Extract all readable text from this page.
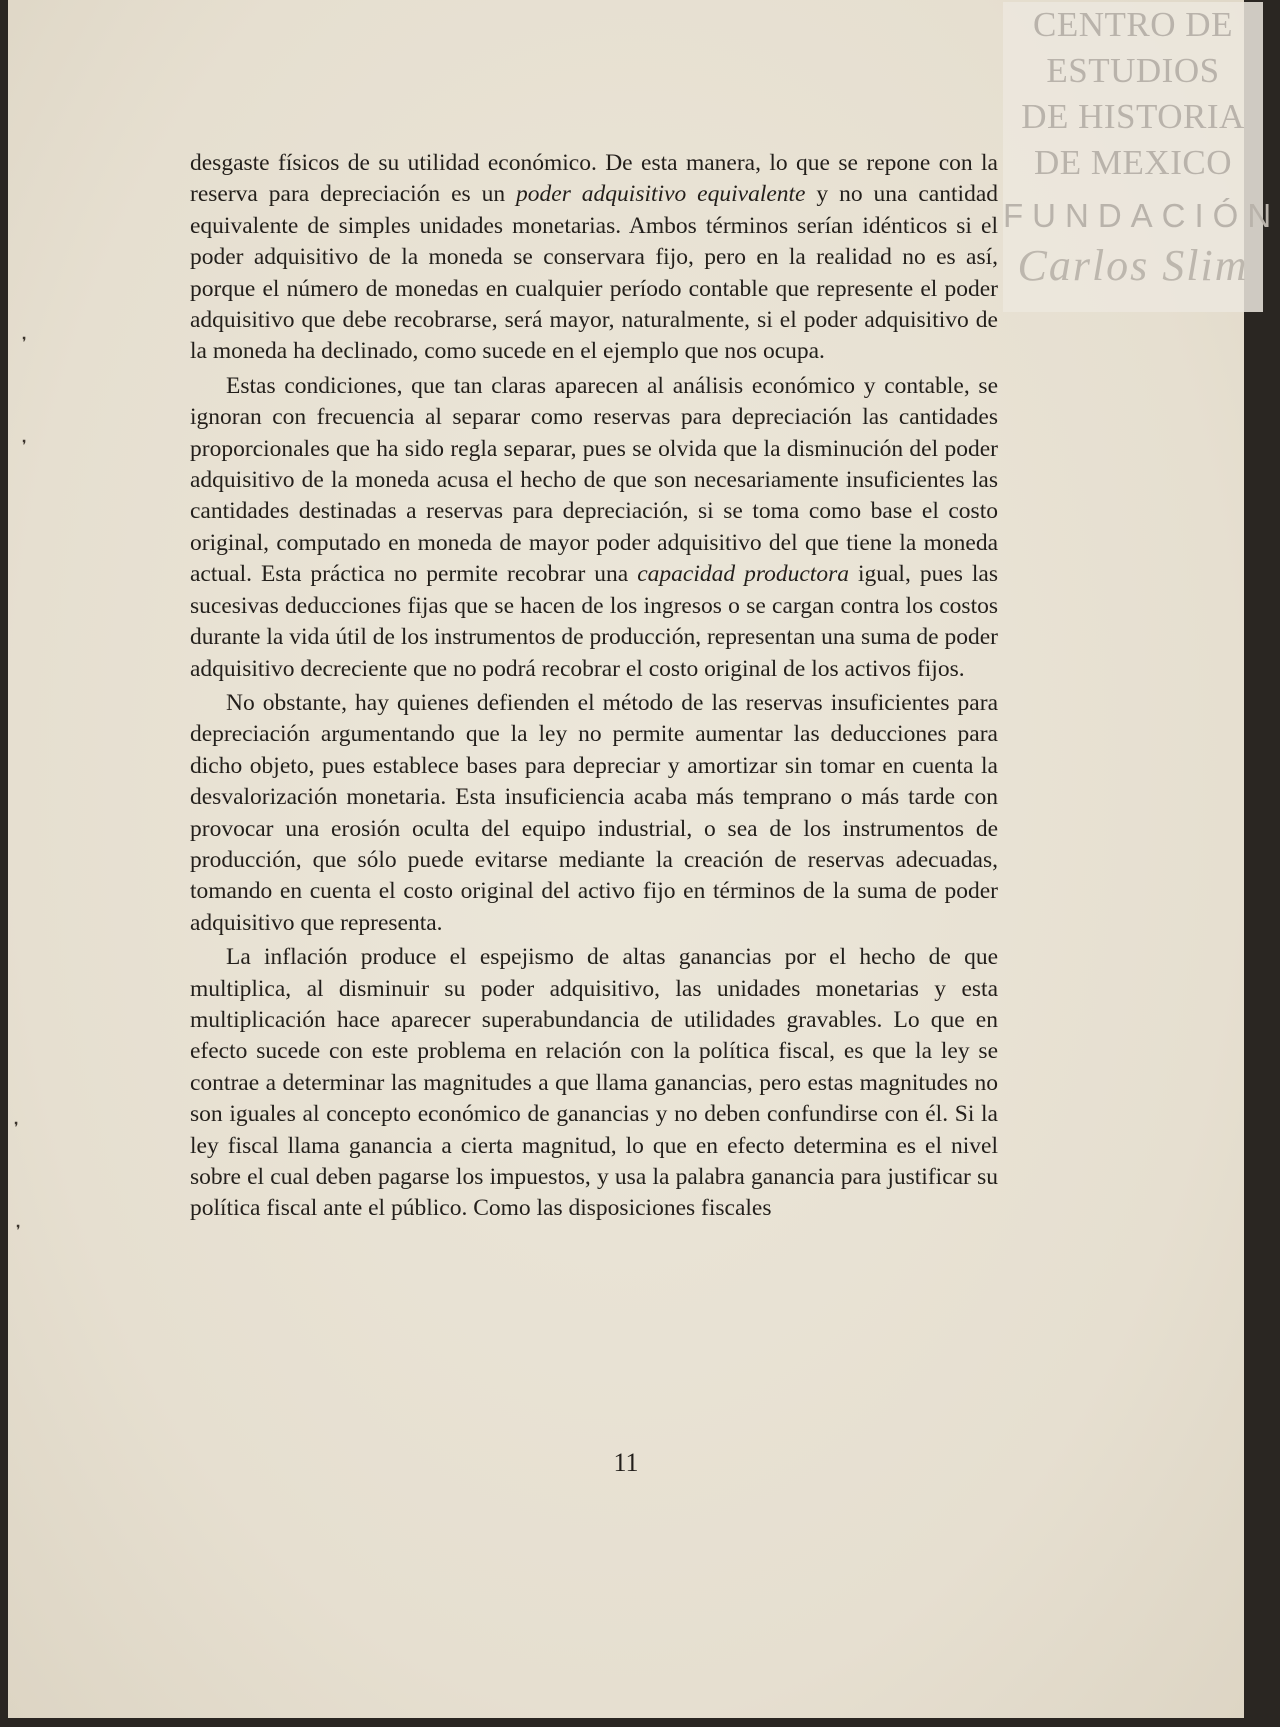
CENTRO DE
ESTUDIOS
DE HISTORIA
DE MEXICO
FUNDACIÓN
Carlos Slim
❜
❜
❜
❜

desgaste físicos de su utilidad económico. De esta manera, lo que se repone con la reserva para depreciación es un poder adquisitivo equivalente y no una cantidad equivalente de simples unidades monetarias. Ambos términos serían idénticos si el poder adquisitivo de la moneda se conservara fijo, pero en la realidad no es así, porque el número de monedas en cualquier período contable que represente el poder adquisitivo que debe recobrarse, será mayor, naturalmente, si el poder adquisitivo de la moneda ha declinado, como sucede en el ejemplo que nos ocupa.

Estas condiciones, que tan claras aparecen al análisis económico y contable, se ignoran con frecuencia al separar como reservas para depreciación las cantidades proporcionales que ha sido regla separar, pues se olvida que la disminución del poder adquisitivo de la moneda acusa el hecho de que son necesariamente insuficientes las cantidades destinadas a reservas para depreciación, si se toma como base el costo original, computado en moneda de mayor poder adquisitivo del que tiene la moneda actual. Esta práctica no permite recobrar una capacidad productora igual, pues las sucesivas deducciones fijas que se hacen de los ingresos o se cargan contra los costos durante la vida útil de los instrumentos de producción, representan una suma de poder adquisitivo decreciente que no podrá recobrar el costo original de los activos fijos.

No obstante, hay quienes defienden el método de las reservas insuficientes para depreciación argumentando que la ley no permite aumentar las deducciones para dicho objeto, pues establece bases para depreciar y amortizar sin tomar en cuenta la desvalorización monetaria. Esta insuficiencia acaba más temprano o más tarde con provocar una erosión oculta del equipo industrial, o sea de los instrumentos de producción, que sólo puede evitarse mediante la creación de reservas adecuadas, tomando en cuenta el costo original del activo fijo en términos de la suma de poder adquisitivo que representa.

La inflación produce el espejismo de altas ganancias por el hecho de que multiplica, al disminuir su poder adquisitivo, las unidades monetarias y esta multiplicación hace aparecer superabundancia de utilidades gravables. Lo que en efecto sucede con este problema en relación con la política fiscal, es que la ley se contrae a determinar las magnitudes a que llama ganancias, pero estas magnitudes no son iguales al concepto económico de ganancias y no deben confundirse con él. Si la ley fiscal llama ganancia a cierta magnitud, lo que en efecto determina es el nivel sobre el cual deben pagarse los impuestos, y usa la palabra ganancia para justificar su política fiscal ante el público. Como las disposiciones fiscales

11
